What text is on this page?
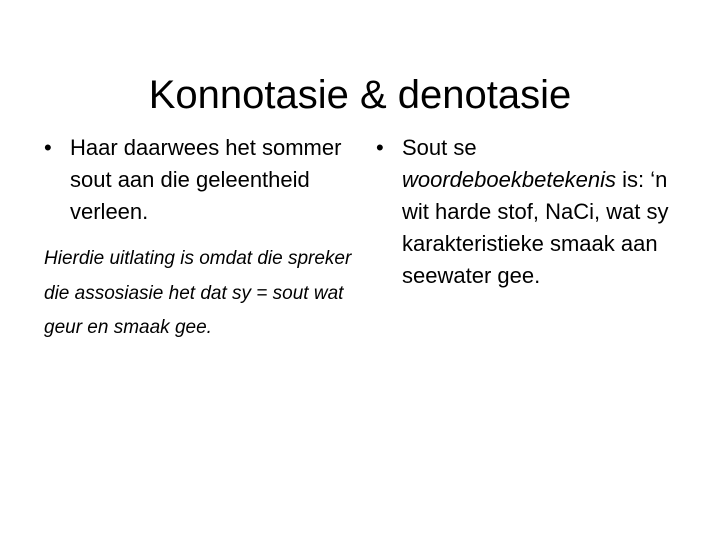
Konnotasie & denotasie

• Haar daarwees het sommer sout aan die geleentheid verleen.

Hierdie uitlating is omdat die spreker die assosiasie het dat sy = sout wat geur en smaak gee.

• Sout se
woordeboekbetekenis is: ‘n wit harde stof, NaCi, wat sy karakteristieke smaak aan seewater gee.
